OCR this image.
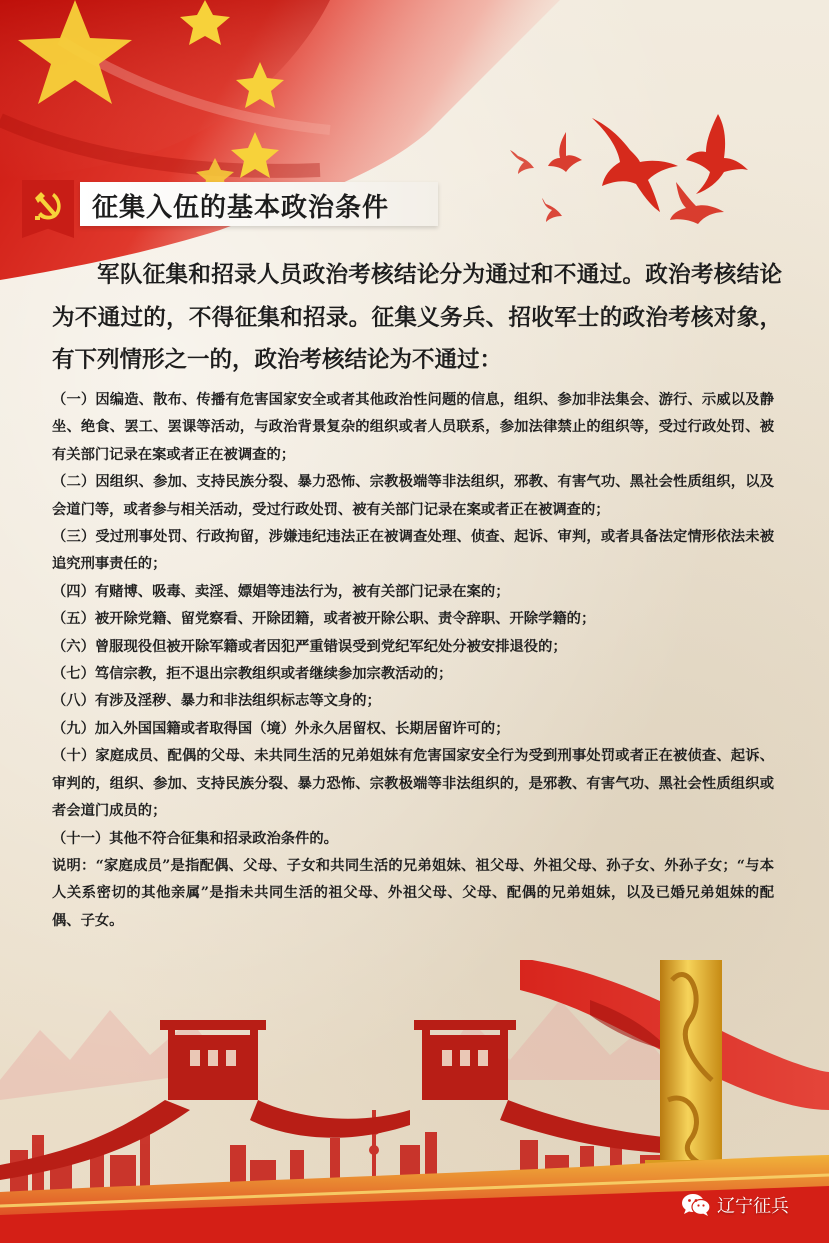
征集入伍的基本政治条件

军队征集和招录人员政治考核结论分为通过和不通过。政治考核结论为不通过的，不得征集和招录。征集义务兵、招收军士的政治考核对象，有下列情形之一的，政治考核结论为不通过：

（一）因编造、散布、传播有危害国家安全或者其他政治性问题的信息，组织、参加非法集会、游行、示威以及静坐、绝食、罢工、罢课等活动，与政治背景复杂的组织或者人员联系，参加法律禁止的组织等，受过行政处罚、被有关部门记录在案或者正在被调查的；
（二）因组织、参加、支持民族分裂、暴力恐怖、宗教极端等非法组织，邪教、有害气功、黑社会性质组织，以及会道门等，或者参与相关活动，受过行政处罚、被有关部门记录在案或者正在被调查的；
（三）受过刑事处罚、行政拘留，涉嫌违纪违法正在被调查处理、侦查、起诉、审判，或者具备法定情形依法未被追究刑事责任的；
（四）有赌博、吸毒、卖淫、嫖娼等违法行为，被有关部门记录在案的；
（五）被开除党籍、留党察看、开除团籍，或者被开除公职、责令辞职、开除学籍的；
（六）曾服现役但被开除军籍或者因犯严重错误受到党纪军纪处分被安排退役的；
（七）笃信宗教，拒不退出宗教组织或者继续参加宗教活动的；
（八）有涉及淫秽、暴力和非法组织标志等文身的；
（九）加入外国国籍或者取得国（境）外永久居留权、长期居留许可的；
（十）家庭成员、配偶的父母、未共同生活的兄弟姐妹有危害国家安全行为受到刑事处罚或者正在被侦查、起诉、审判的，组织、参加、支持民族分裂、暴力恐怖、宗教极端等非法组织的，是邪教、有害气功、黑社会性质组织或者会道门成员的；
（十一）其他不符合征集和招录政治条件的。
说明：“家庭成员”是指配偶、父母、子女和共同生活的兄弟姐妹、祖父母、外祖父母、孙子女、外孙子女；“与本人关系密切的其他亲属”是指未共同生活的祖父母、外祖父母、父母、配偶的兄弟姐妹，以及已婚兄弟姐妹的配偶、子女。
辽宁征兵
